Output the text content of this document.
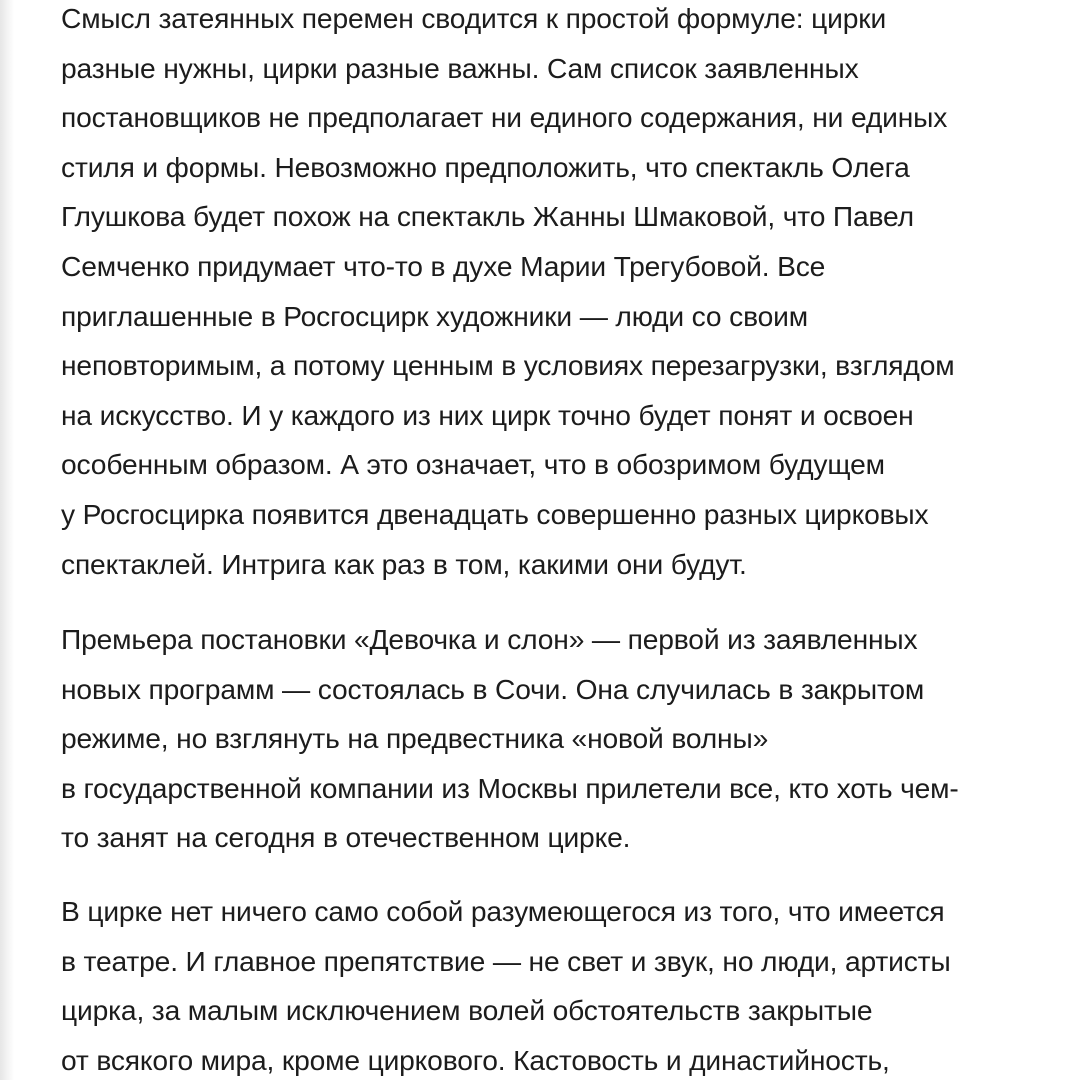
Смысл затеянных перемен сводится к простой формуле: цирки
разные нужны, цирки разные важны. Сам список заявленных
постановщиков не предполагает ни единого содержания, ни единых
стиля и формы. Невозможно предположить, что спектакль Олега
Глушкова будет похож на спектакль Жанны Шмаковой, что Павел
Семченко придумает что-то в духе Марии Трегубовой. Все
приглашенные в Росгосцирк художники — люди со своим
неповторимым, а потому ценным в условиях перезагрузки, взглядом
на искусство. И у каждого из них цирк точно будет понят и освоен
особенным образом. А это означает, что в обозримом будущем
у Росгосцирка появится двенадцать совершенно разных цирковых
спектаклей. Интрига как раз в том, какими они будут.

Премьера постановки «Девочка и слон» — первой из заявленных
новых программ — состоялась в Сочи. Она случилась в закрытом
режиме, но взглянуть на предвестника «новой волны»
в государственной компании из Москвы прилетели все, кто хоть чем-
то занят на сегодня в отечественном цирке.

В цирке нет ничего само собой разумеющегося из того, что имеется
в театре. И главное препятствие — не свет и звук, но люди, артисты
цирка, за малым исключением волей обстоятельств закрытые
от всякого мира, кроме циркового. Кастовость и династийность,
